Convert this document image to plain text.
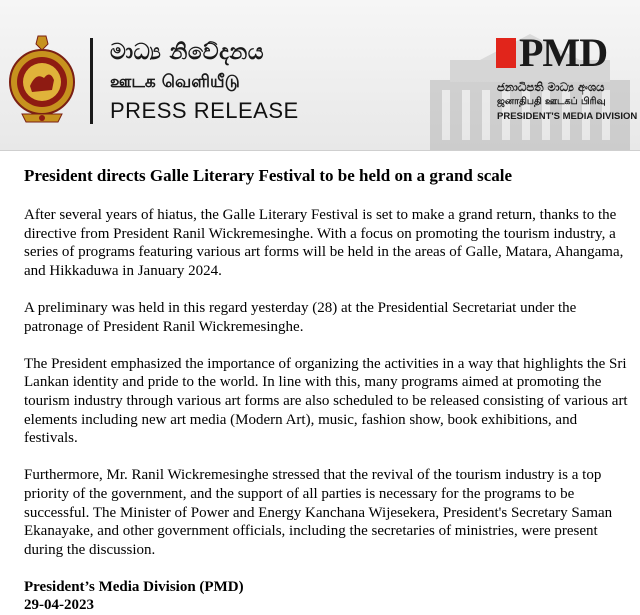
මාධ්‍ය නිවේදනය
ஊடக வெளியீடு
PRESS RELEASE
PMD
ජනාධිපති මාධ්‍ය අංශය
ஜனாதிபதி ஊடகப் பிரிவு
PRESIDENT'S MEDIA DIVISION

President directs Galle Literary Festival to be held on a grand scale

After several years of hiatus, the Galle Literary Festival is set to make a grand return, thanks to the directive from President Ranil Wickremesinghe. With a focus on promoting the tourism industry, a series of programs featuring various art forms will be held in the areas of Galle, Matara, Ahangama, and Hikkaduwa in January 2024.

A preliminary was held in this regard yesterday (28) at the Presidential Secretariat under the patronage of President Ranil Wickremesinghe.

The President emphasized the importance of organizing the activities in a way that highlights the Sri Lankan identity and pride to the world. In line with this, many programs aimed at promoting the tourism industry through various art forms are also scheduled to be released consisting of various art elements including new art media (Modern Art), music, fashion show, book exhibitions, and festivals.

Furthermore, Mr. Ranil Wickremesinghe stressed that the revival of the tourism industry is a top priority of the government, and the support of all parties is necessary for the programs to be successful. The Minister of Power and Energy Kanchana Wijesekera, President's Secretary Saman Ekanayake, and other government officials, including the secretaries of ministries, were present during the discussion.

President’s Media Division (PMD)

29-04-2023
